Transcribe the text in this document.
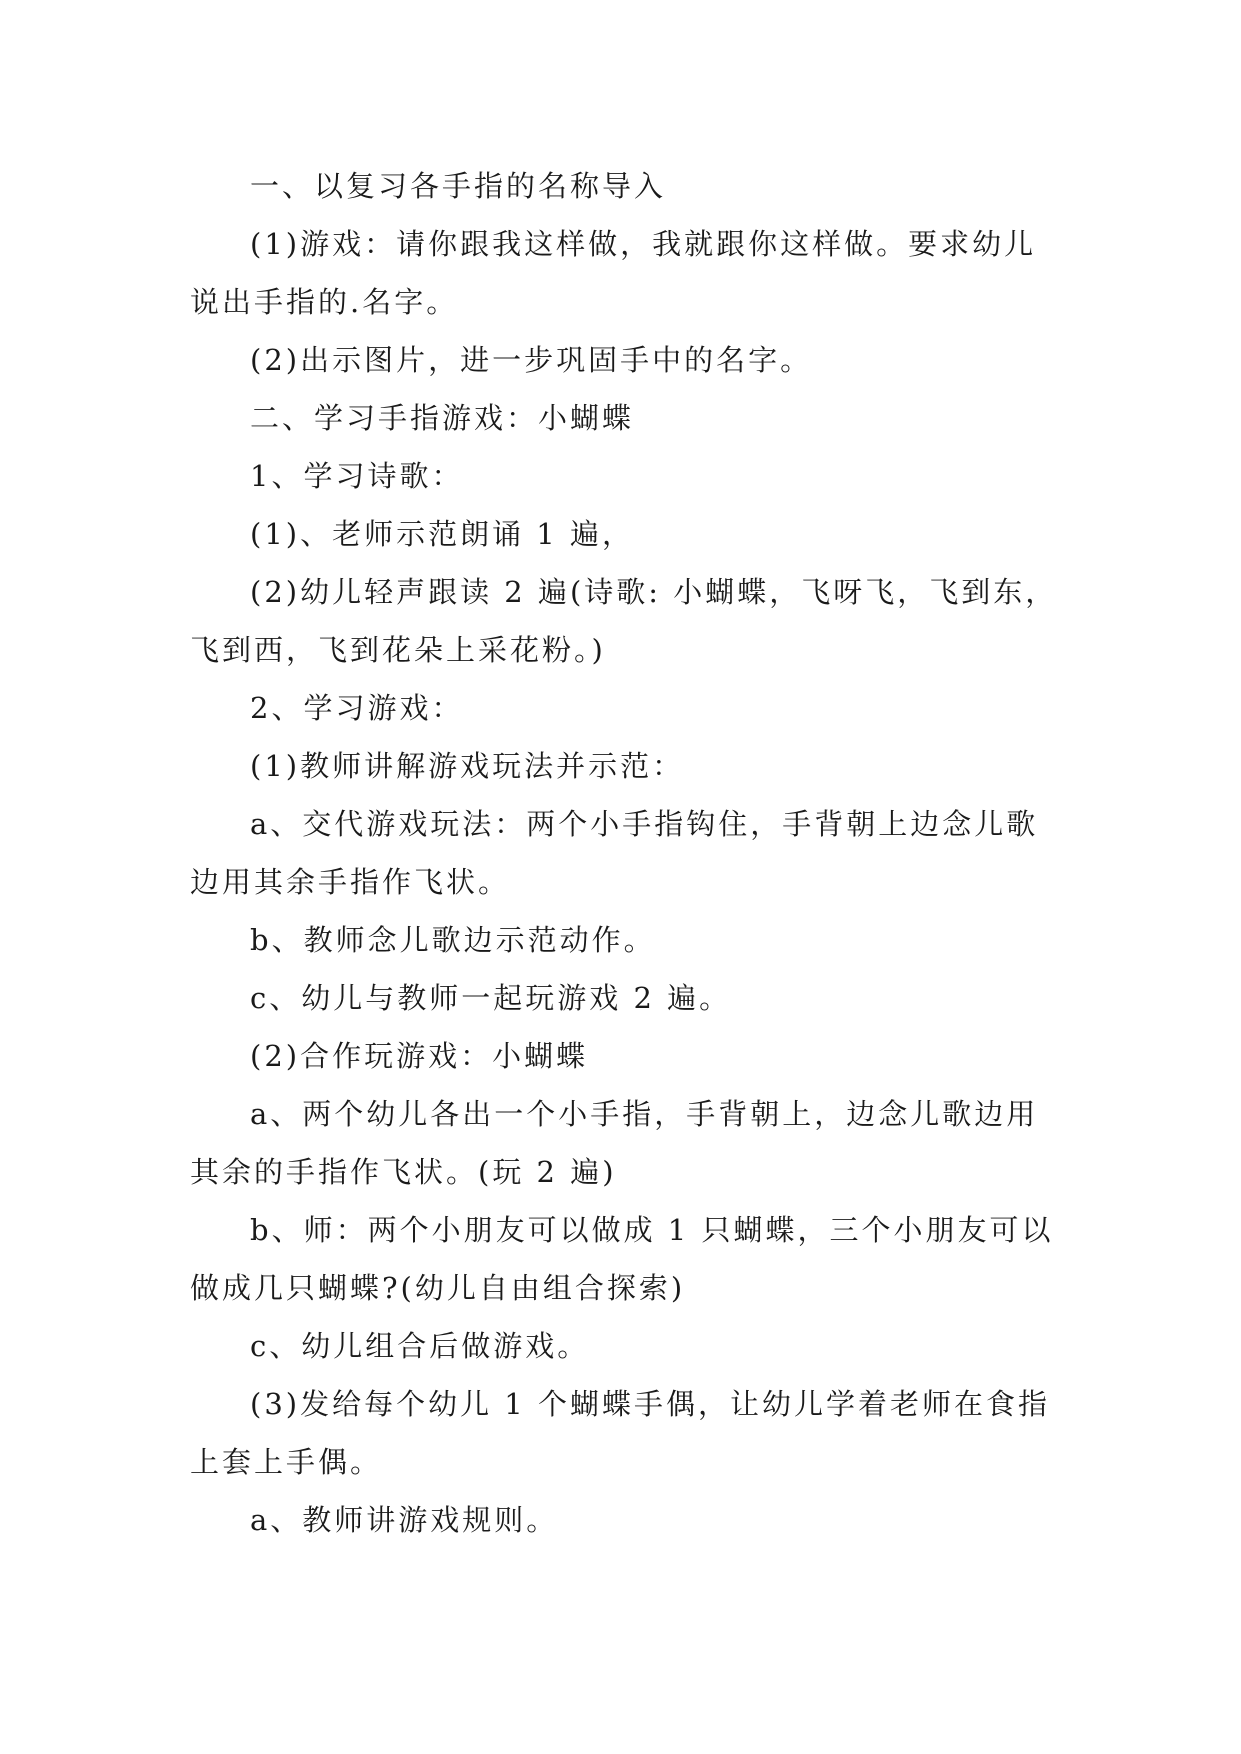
一、以复习各手指的名称导入

(1)游戏：请你跟我这样做，我就跟你这样做。要求幼儿说出手指的.名字。

(2)出示图片，进一步巩固手中的名字。

二、学习手指游戏：小蝴蝶

1、学习诗歌：

(1)、老师示范朗诵 1 遍，

(2)幼儿轻声跟读 2 遍(诗歌: 小蝴蝶，飞呀飞，飞到东，飞到西，飞到花朵上采花粉。)

2、学习游戏：

(1)教师讲解游戏玩法并示范：

a、交代游戏玩法：两个小手指钩住，手背朝上边念儿歌边用其余手指作飞状。

b、教师念儿歌边示范动作。

c、幼儿与教师一起玩游戏 2 遍。

(2)合作玩游戏：小蝴蝶

a、两个幼儿各出一个小手指，手背朝上，边念儿歌边用其余的手指作飞状。(玩 2 遍)

b、师：两个小朋友可以做成 1 只蝴蝶，三个小朋友可以做成几只蝴蝶?(幼儿自由组合探索)

c、幼儿组合后做游戏。

(3)发给每个幼儿 1 个蝴蝶手偶，让幼儿学着老师在食指上套上手偶。

a、教师讲游戏规则。
